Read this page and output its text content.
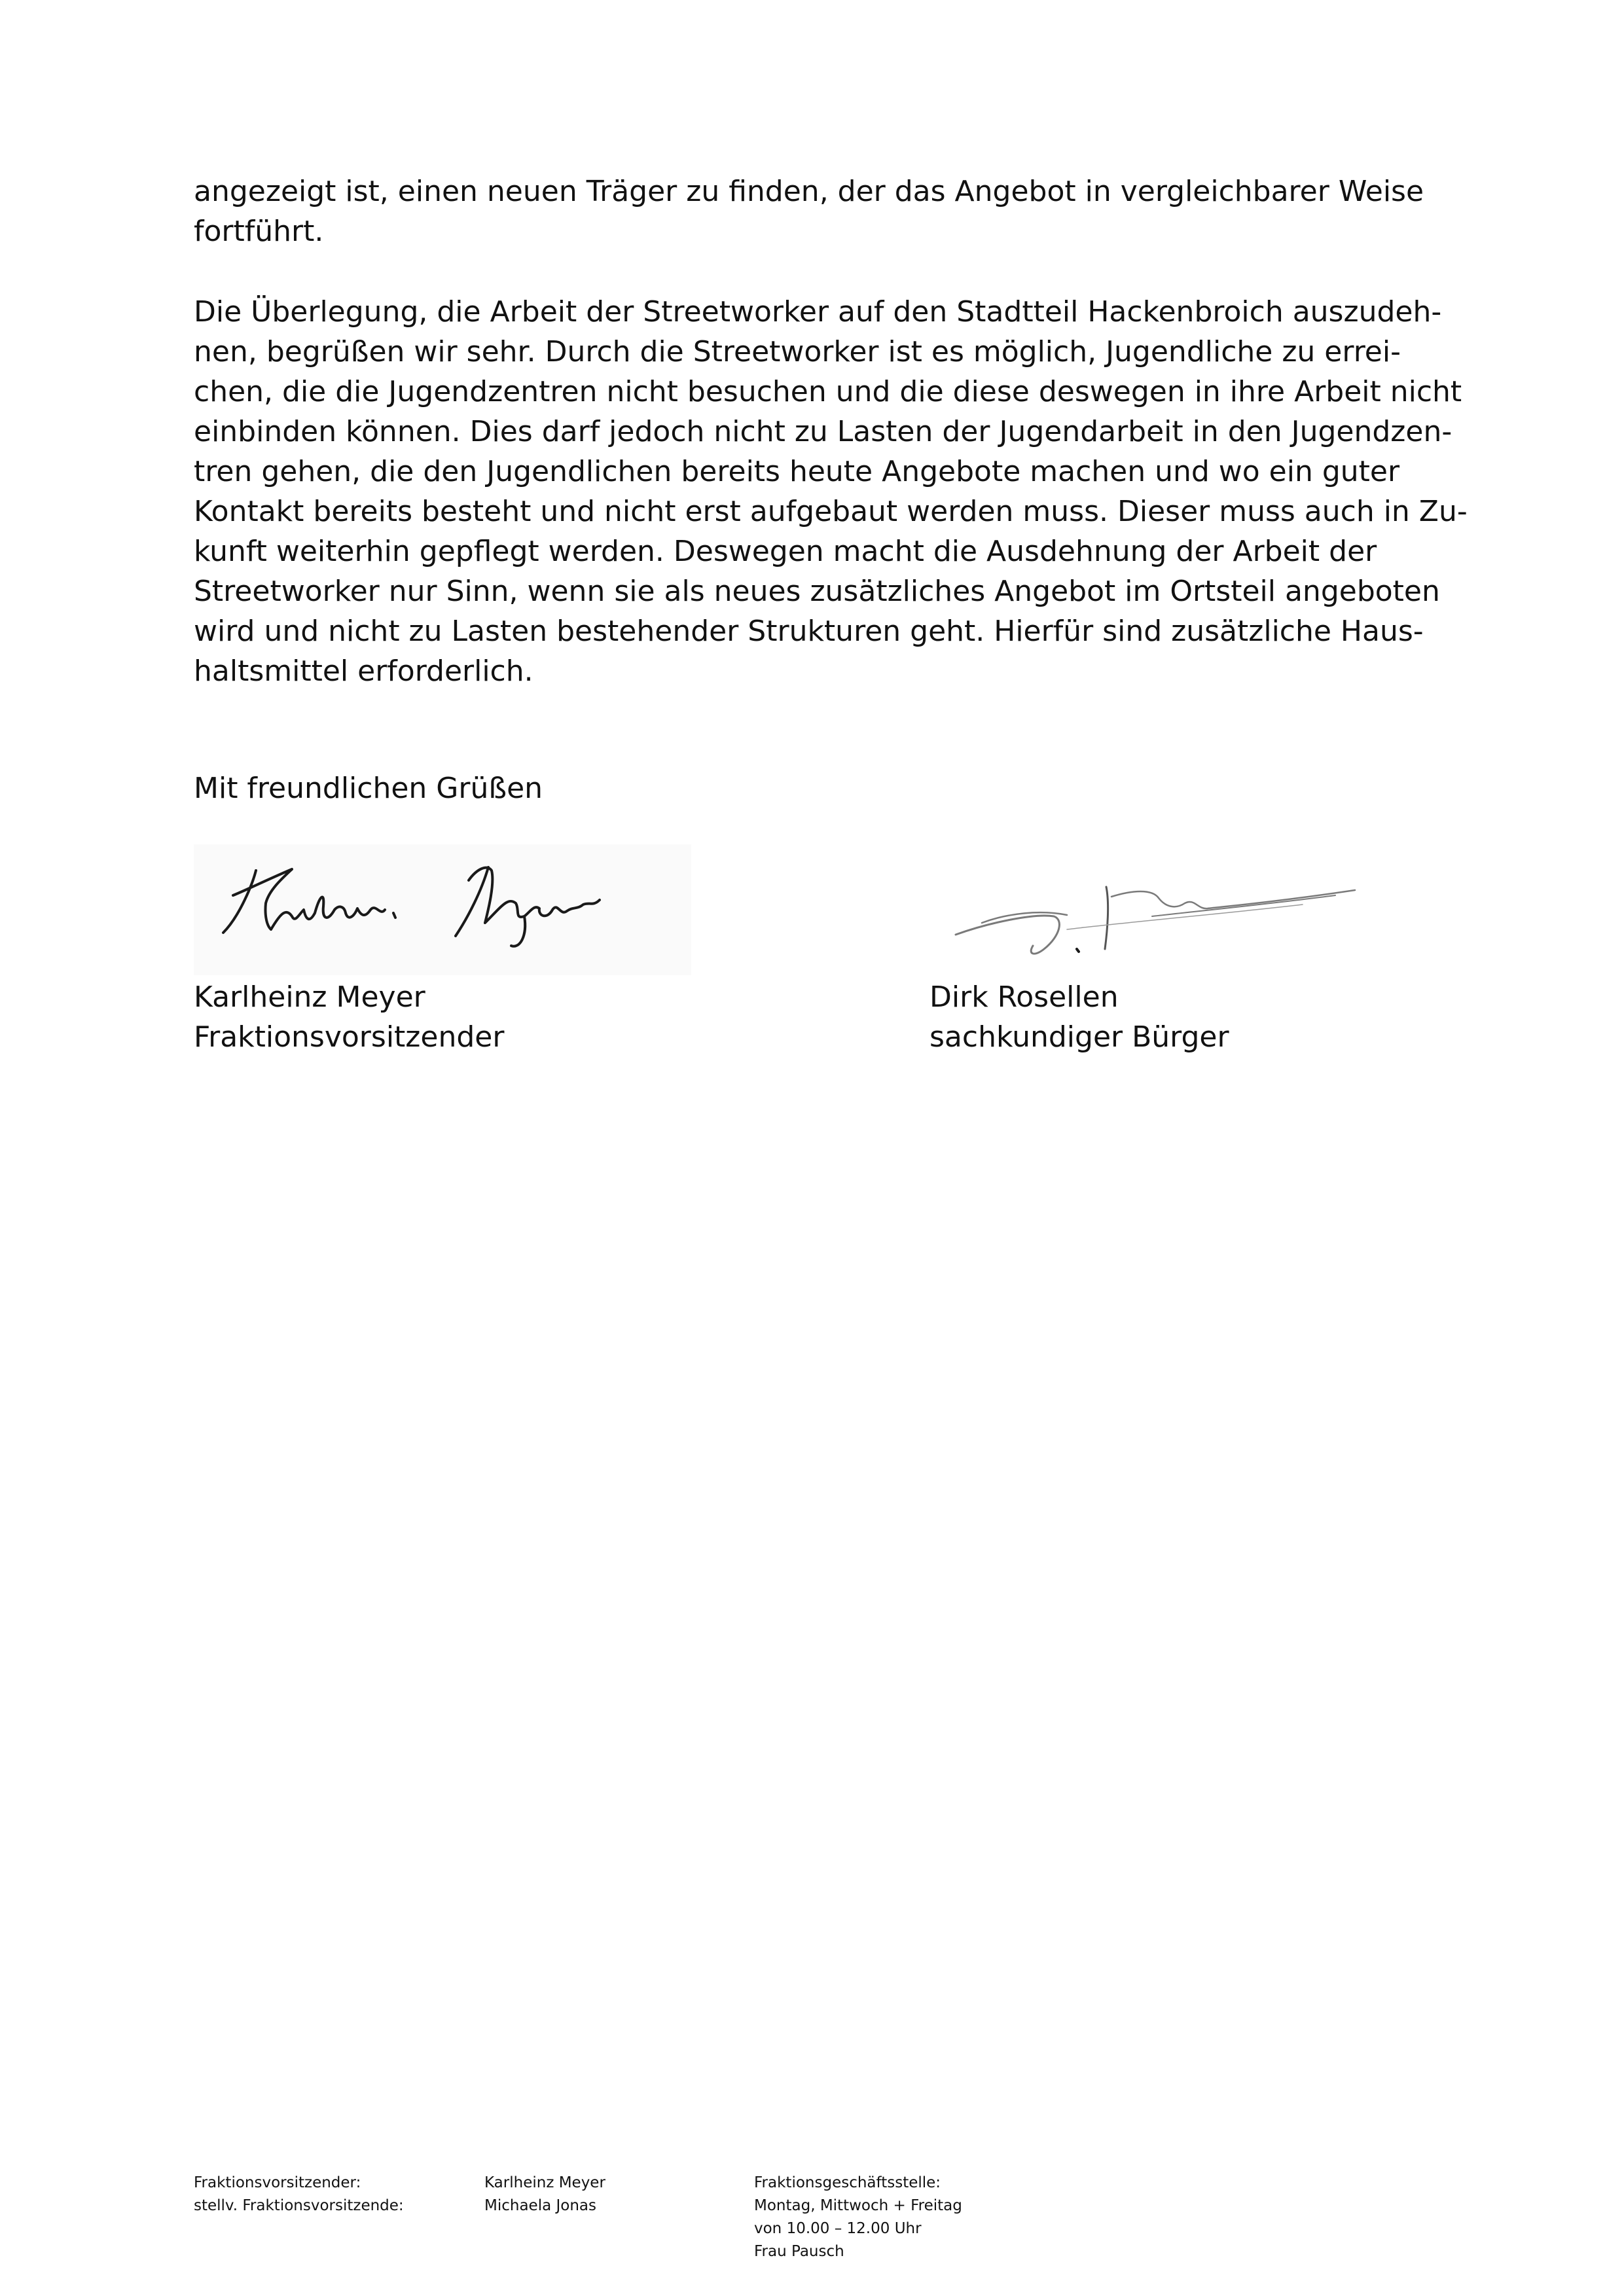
angezeigt ist, einen neuen Träger zu finden, der das Angebot in vergleichbarer Weise
fortführt.
Die Überlegung, die Arbeit der Streetworker auf den Stadtteil Hackenbroich auszudeh-
nen, begrüßen wir sehr. Durch die Streetworker ist es möglich, Jugendliche zu errei-
chen, die die Jugendzentren nicht besuchen und die diese deswegen in ihre Arbeit nicht
einbinden können. Dies darf jedoch nicht zu Lasten der Jugendarbeit in den Jugendzen-
tren gehen, die den Jugendlichen bereits heute Angebote machen und wo ein guter
Kontakt bereits besteht und nicht erst aufgebaut werden muss. Dieser muss auch in Zu-
kunft weiterhin gepflegt werden. Deswegen macht die Ausdehnung der Arbeit der
Streetworker nur Sinn, wenn sie als neues zusätzliches Angebot im Ortsteil angeboten
wird und nicht zu Lasten bestehender Strukturen geht. Hierfür sind zusätzliche Haus-
haltsmittel erforderlich.
Mit freundlichen Grüßen
Karlheinz Meyer
Fraktionsvorsitzender
Dirk Rosellen
sachkundiger Bürger
Fraktionsvorsitzender:
stellv. Fraktionsvorsitzende:
Karlheinz Meyer
Michaela Jonas
Fraktionsgeschäftsstelle:
Montag, Mittwoch + Freitag
von 10.00 – 12.00 Uhr
Frau Pausch
